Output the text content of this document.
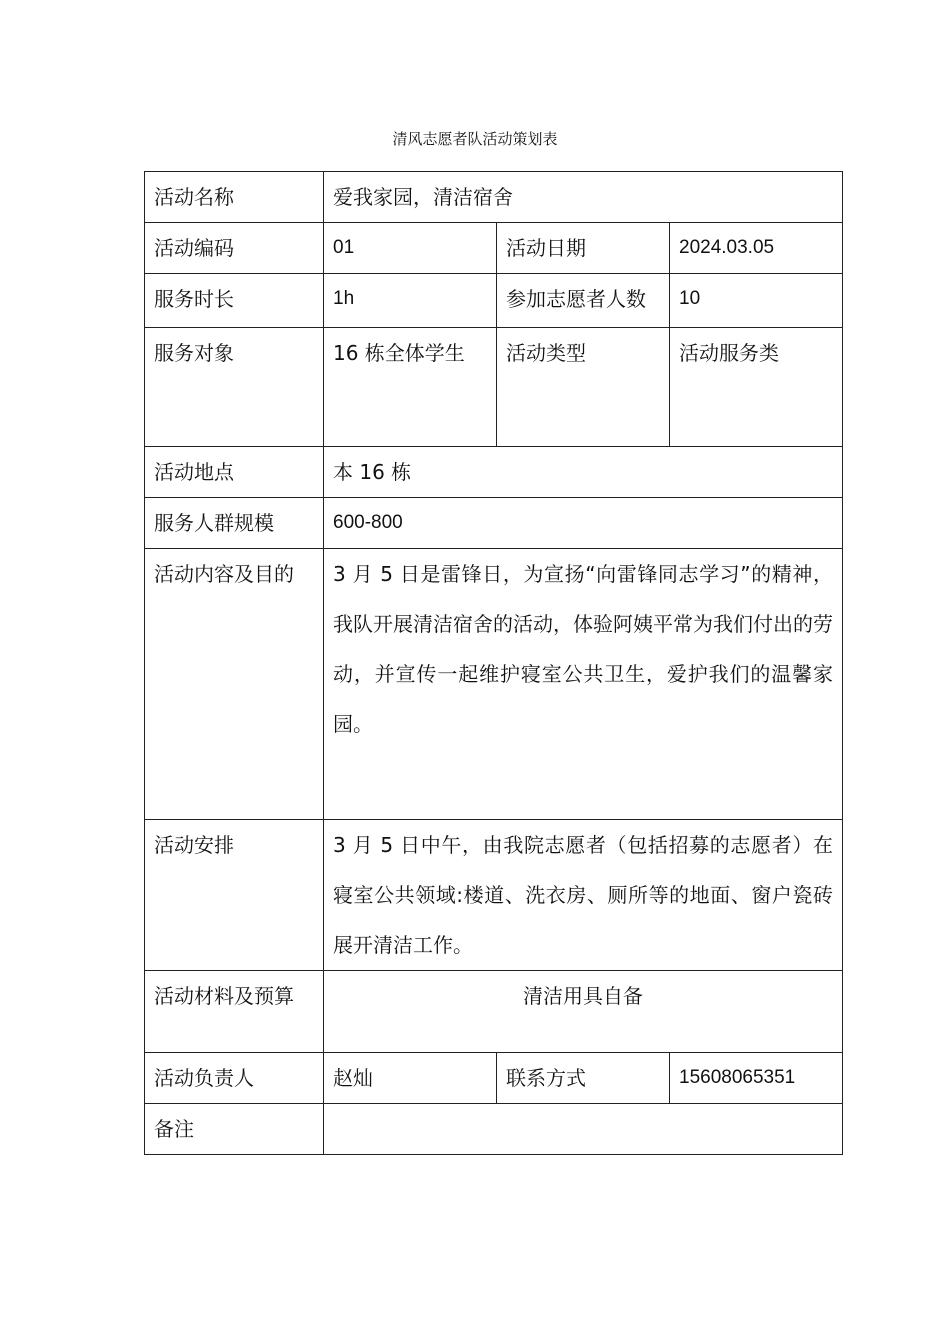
清风志愿者队活动策划表
活动名称	爱我家园，清洁宿舍		
活动编码	01	活动日期	2024.03.05
服务时长	1h	参加志愿者人数	10
服务对象	16 栋全体学生	活动类型	活动服务类
活动地点	本 16 栋		
服务人群规模	600-800		
活动内容及目的	3 月 5 日是雷锋日，为宣扬“向雷锋同志学习”的精神，我队开展清洁宿舍的活动，体验阿姨平常为我们付出的劳动，并宣传一起维护寝室公共卫生，爱护我们的温馨家园。		
活动安排	3 月 5 日中午，由我院志愿者（包括招募的志愿者）在寝室公共领域:楼道、洗衣房、厕所等的地面、窗户瓷砖展开清洁工作。		
活动材料及预算	清洁用具自备		
活动负责人	赵灿	联系方式	15608065351
备注			
